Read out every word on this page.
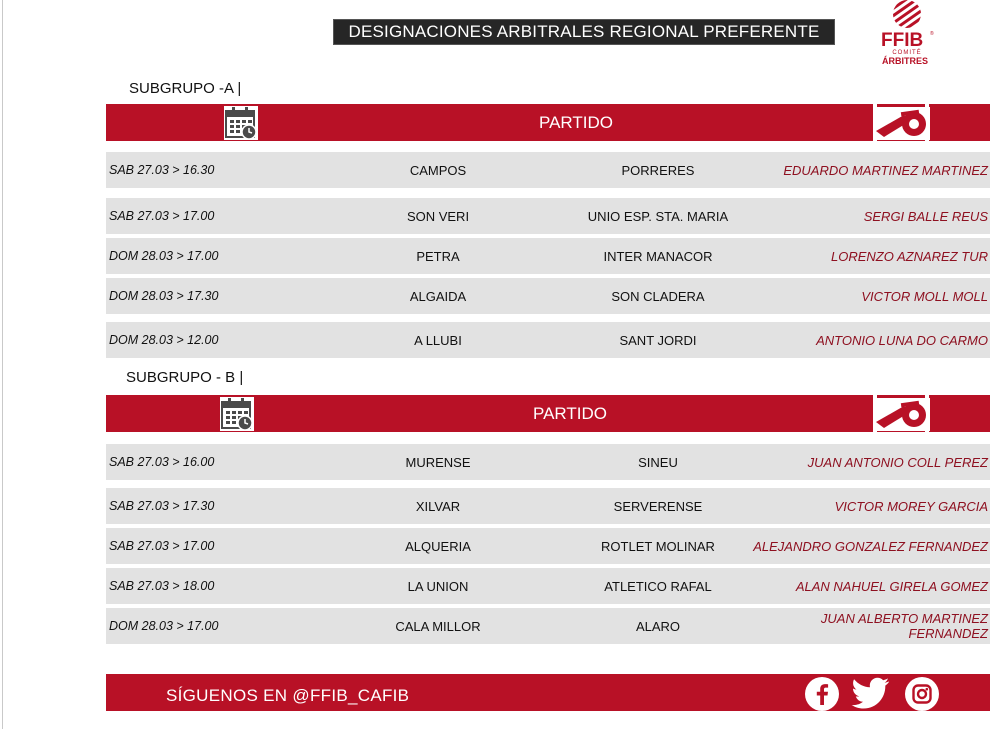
DESIGNACIONES ARBITRALES REGIONAL PREFERENTE	FFIB ®
COMITÉ
ÁRBITRES
SUBGRUPO -A |
PARTIDO
SAB 27.03 > 16.30	CAMPOS	PORRERES	EDUARDO MARTINEZ MARTINEZ
SAB 27.03 > 17.00	SON VERI	UNIO ESP. STA. MARIA	SERGI BALLE REUS
DOM 28.03 > 17.00	PETRA	INTER MANACOR	LORENZO AZNAREZ TUR
DOM 28.03 > 17.30	ALGAIDA	SON CLADERA	VICTOR MOLL MOLL
DOM 28.03 > 12.00	A LLUBI	SANT JORDI	ANTONIO LUNA DO CARMO
SUBGRUPO - B |
PARTIDO
SAB 27.03 > 16.00	MURENSE	SINEU	JUAN ANTONIO COLL PEREZ
SAB 27.03 > 17.30	XILVAR	SERVERENSE	VICTOR MOREY GARCIA
SAB 27.03 > 17.00	ALQUERIA	ROTLET MOLINAR	ALEJANDRO GONZALEZ FERNANDEZ
SAB 27.03 > 18.00	LA UNION	ATLETICO RAFAL	ALAN NAHUEL GIRELA GOMEZ
DOM 28.03 > 17.00	CALA MILLOR	ALARO	JUAN ALBERTO MARTINEZ FERNANDEZ
SÍGUENOS EN @FFIB_CAFIB
